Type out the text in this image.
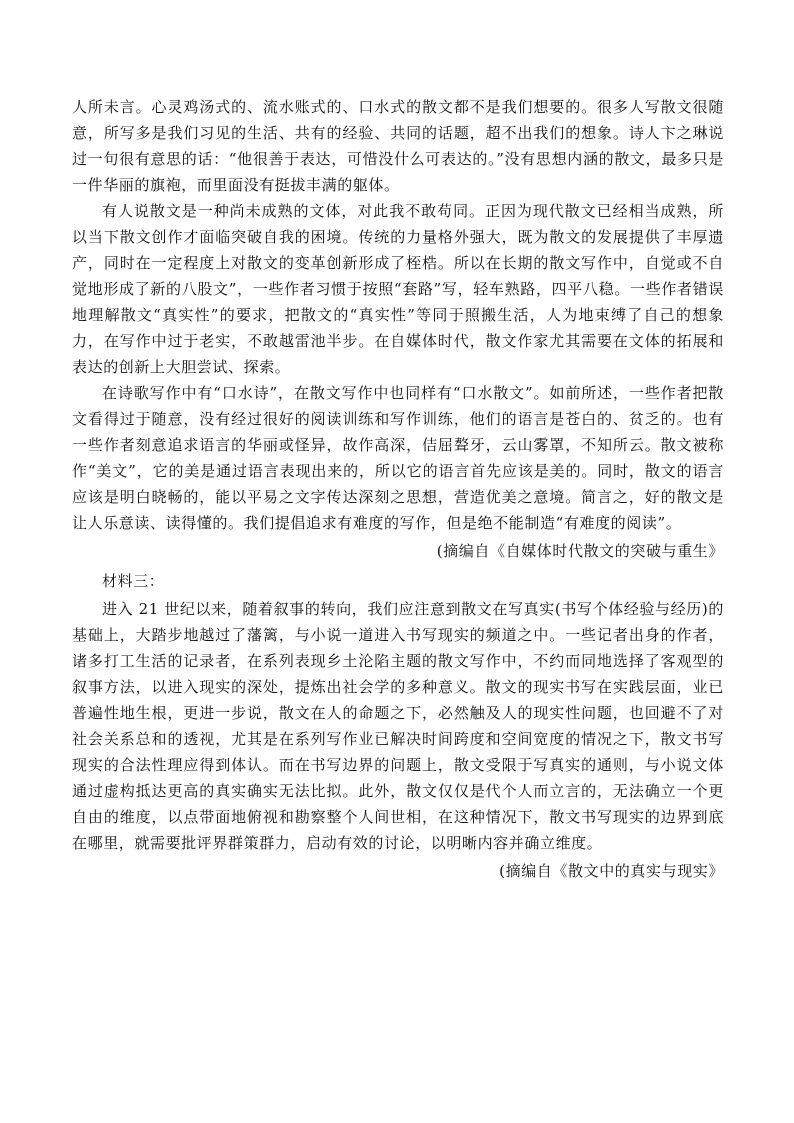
人所未言。心灵鸡汤式的、流水账式的、口水式的散文都不是我们想要的。很多人写散文很随意，所写多是我们习见的生活、共有的经验、共同的话题，超不出我们的想象。诗人卞之琳说过一句很有意思的话：“他很善于表达，可惜没什么可表达的。”没有思想内涵的散文，最多只是一件华丽的旗袍，而里面没有挺拔丰满的躯体。

有人说散文是一种尚未成熟的文体，对此我不敢苟同。正因为现代散文已经相当成熟，所以当下散文创作才面临突破自我的困境。传统的力量格外强大，既为散文的发展提供了丰厚遗产，同时在一定程度上对散文的变革创新形成了桎梏。所以在长期的散文写作中，自觉或不自觉地形成了新的八股文”，一些作者习惯于按照“套路”写，轻车熟路，四平八稳。一些作者错误地理解散文“真实性”的要求，把散文的“真实性”等同于照搬生活，人为地束缚了自己的想象力，在写作中过于老实，不敢越雷池半步。在自媒体时代，散文作家尤其需要在文体的拓展和表达的创新上大胆尝试、探索。

在诗歌写作中有“口水诗”，在散文写作中也同样有“口水散文”。如前所述，一些作者把散文看得过于随意，没有经过很好的阅读训练和写作训练，他们的语言是苍白的、贫乏的。也有一些作者刻意追求语言的华丽或怪异，故作高深，佶屈聱牙，云山雾罩，不知所云。散文被称作“美文”，它的美是通过语言表现出来的，所以它的语言首先应该是美的。同时，散文的语言应该是明白晓畅的，能以平易之文字传达深刻之思想，营造优美之意境。简言之，好的散文是让人乐意读、读得懂的。我们提倡追求有难度的写作，但是绝不能制造“有难度的阅读”。

(摘编自《自媒体时代散文的突破与重生》

材料三：

进入 21 世纪以来，随着叙事的转向，我们应注意到散文在写真实(书写个体经验与经历)的基础上，大踏步地越过了藩篱，与小说一道进入书写现实的频道之中。一些记者出身的作者，诸多打工生活的记录者，在系列表现乡土沦陷主题的散文写作中，不约而同地选择了客观型的叙事方法，以进入现实的深处，提炼出社会学的多种意义。散文的现实书写在实践层面，业已普遍性地生根，更进一步说，散文在人的命题之下，必然触及人的现实性问题，也回避不了对社会关系总和的透视，尤其是在系列写作业已解决时间跨度和空间宽度的情况之下，散文书写现实的合法性理应得到体认。而在书写边界的问题上，散文受限于写真实的通则，与小说文体通过虚构抵达更高的真实确实无法比拟。此外，散文仅仅是代个人而立言的，无法确立一个更自由的维度，以点带面地俯视和勘察整个人间世相，在这种情况下，散文书写现实的边界到底在哪里，就需要批评界群策群力，启动有效的讨论，以明晰内容并确立维度。

(摘编自《散文中的真实与现实》
